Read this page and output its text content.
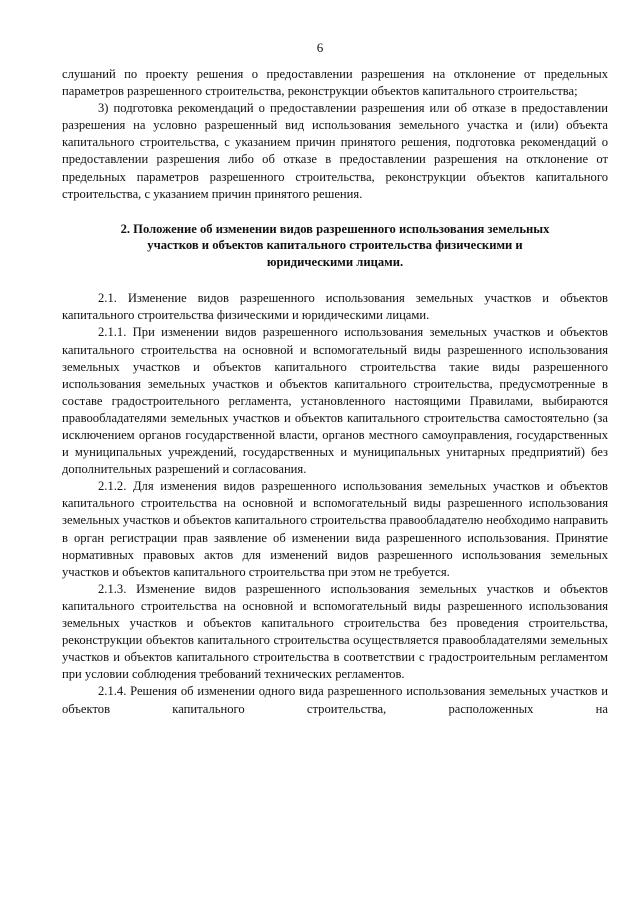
6

слушаний по проекту решения о предоставлении разрешения на отклонение от предельных параметров разрешенного строительства, реконструкции объектов капитального строительства;

3) подготовка рекомендаций о предоставлении разрешения или об отказе в предоставлении разрешения на условно разрешенный вид использования земельного участка и (или) объекта капитального строительства, с указанием причин принятого решения, подготовка рекомендаций о предоставлении разрешения либо об отказе в предоставлении разрешения на отклонение от предельных параметров разрешенного строительства, реконструкции объектов капитального строительства, с указанием причин принятого решения.

2. Положение об изменении видов разрешенного использования земельных
участков и объектов капитального строительства физическими и
юридическими лицами.

2.1. Изменение видов разрешенного использования земельных участков и объектов капитального строительства физическими и юридическими лицами.

2.1.1. При изменении видов разрешенного использования земельных участков и объектов капитального строительства на основной и вспомогательный виды разрешенного использования земельных участков и объектов капитального строительства такие виды разрешенного использования земельных участков и объектов капитального строительства, предусмотренные в составе градостроительного регламента, установленного настоящими Правилами, выбираются правообладателями земельных участков и объектов капитального строительства самостоятельно (за исключением органов государственной власти, органов местного самоуправления, государственных и муниципальных учреждений, государственных и муниципальных унитарных предприятий) без дополнительных разрешений и согласования.

2.1.2. Для изменения видов разрешенного использования земельных участков и объектов капитального строительства на основной и вспомогательный виды разрешенного использования земельных участков и объектов капитального строительства правообладателю необходимо направить в орган регистрации прав заявление об изменении вида разрешенного использования. Принятие нормативных правовых актов для изменений видов разрешенного использования земельных участков и объектов капитального строительства при этом не требуется.

2.1.3. Изменение видов разрешенного использования земельных участков и объектов капитального строительства на основной и вспомогательный виды разрешенного использования земельных участков и объектов капитального строительства без проведения строительства, реконструкции объектов капитального строительства осуществляется правообладателями земельных участков и объектов капитального строительства в соответствии с градостроительным регламентом при условии соблюдения требований технических регламентов.

2.1.4. Решения об изменении одного вида разрешенного использования земельных участков и объектов капитального строительства, расположенных на
